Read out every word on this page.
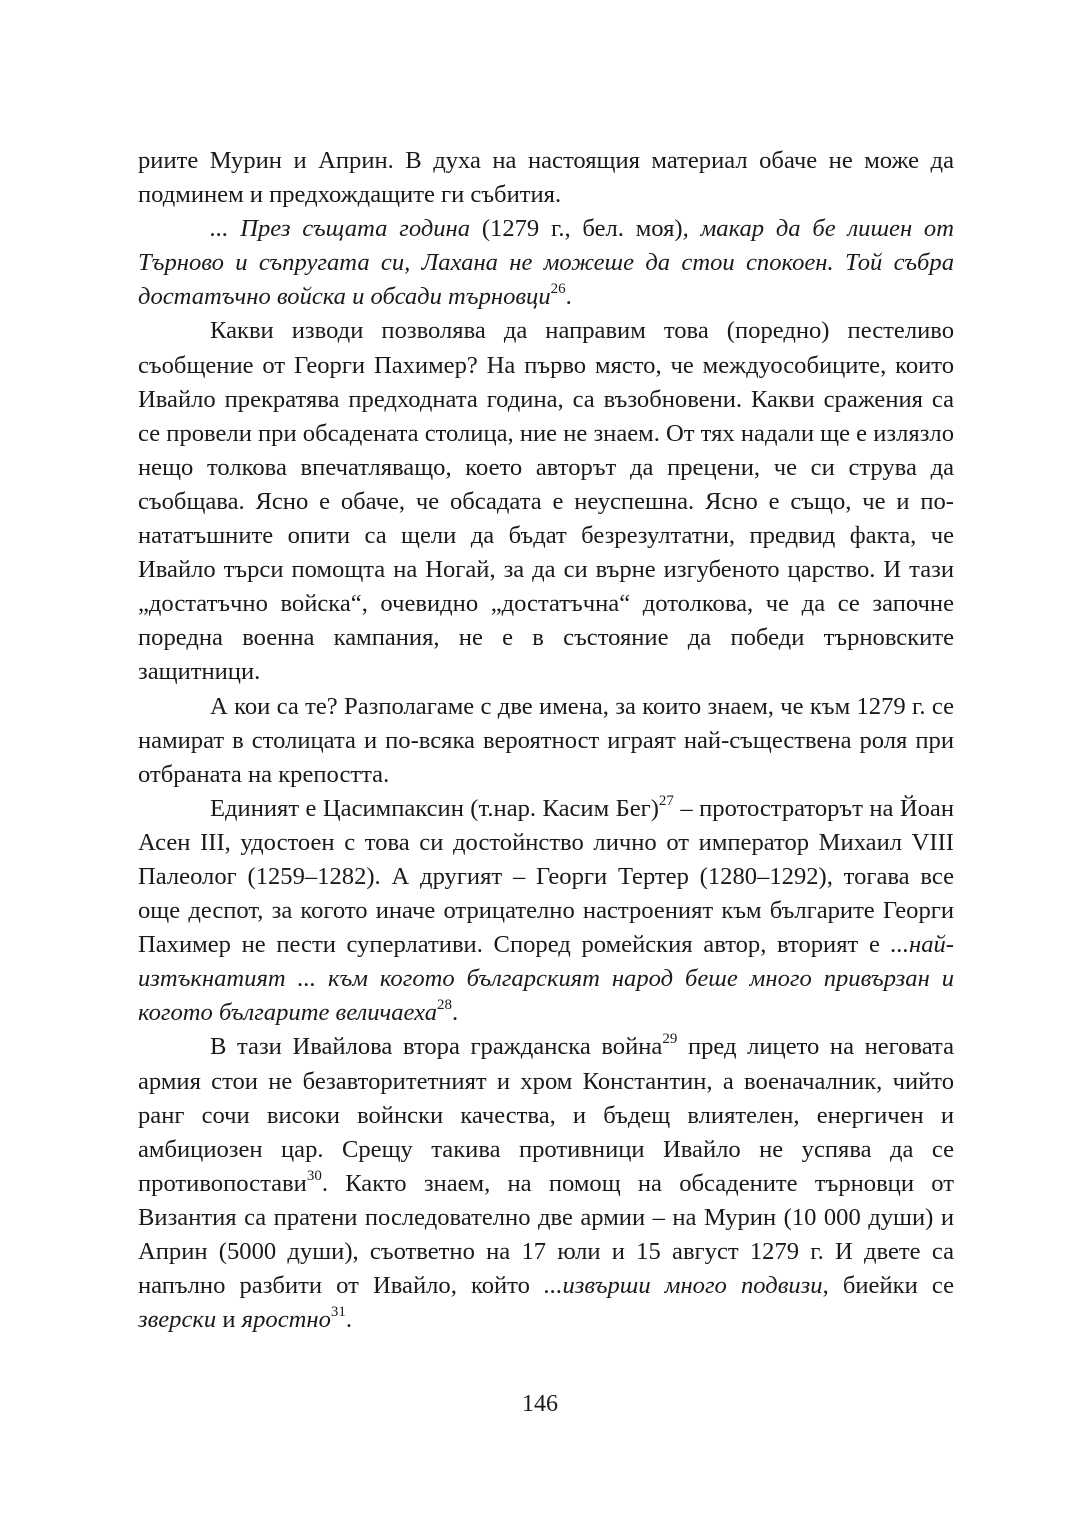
риите Мурин и Априн. В духа на настоящия материал обаче не може да подминем и предхождащите ги събития.

... През същата година (1279 г., бел. моя), макар да бе лишен от Търново и съпругата си, Лахана не можеше да стои спокоен. Той събра достатъчно войска и обсади търновци$^{26}$.

Какви изводи позволява да направим това (поредно) пестеливо съобщение от Георги Пахимер? На първо място, че междуособиците, които Ивайло прекратява предходната година, са възобновени. Какви сражения са се провели при обсадената столица, ние не знаем. От тях надали ще е излязло нещо толкова впечатляващо, което авторът да прецени, че си струва да съобщава. Ясно е обаче, че обсадата е неуспешна. Ясно е също, че и по-нататъшните опити са щели да бъдат безрезултатни, предвид факта, че Ивайло търси помощта на Ногай, за да си върне изгубеното царство. И тази „достатъчно войска“, очевидно „достатъчна“ дотолкова, че да се започне поредна военна кампания, не е в състояние да победи търновските защитници.

А кои са те? Разполагаме с две имена, за които знаем, че към 1279 г. се намират в столицата и по-всяка вероятност играят най-съществена роля при отбраната на крепостта.

Единият е Цасимпаксин (т.нар. Касим Бег)$^{27}$ – протостраторът на Йоан Асен III, удостоен с това си достойнство лично от император Михаил VIII Палеолог (1259–1282). А другият – Георги Тертер (1280–1292), тогава все още деспот, за когото иначе отрицателно настроеният към българите Георги Пахимер не пести суперлативи. Според ромейския автор, вторият е ...най-изтъкнатият ... към когото българският народ беше много привързан и когото българите величаеха$^{28}$.

В тази Ивайлова втора гражданска война$^{29}$ пред лицето на неговата армия стои не безавторитетният и хром Константин, а военачалник, чийто ранг сочи високи войнски качества, и бъдещ влиятелен, енергичен и амбициозен цар. Срещу такива противници Ивайло не успява да се противопостави$^{30}$. Както знаем, на помощ на обсадените търновци от Византия са пратени последователно две армии – на Мурин (10 000 души) и Априн (5000 души), съответно на 17 юли и 15 август 1279 г. И двете са напълно разбити от Ивайло, който ...извърши много подвизи, биейки се зверски и яростно$^{31}$.

146
